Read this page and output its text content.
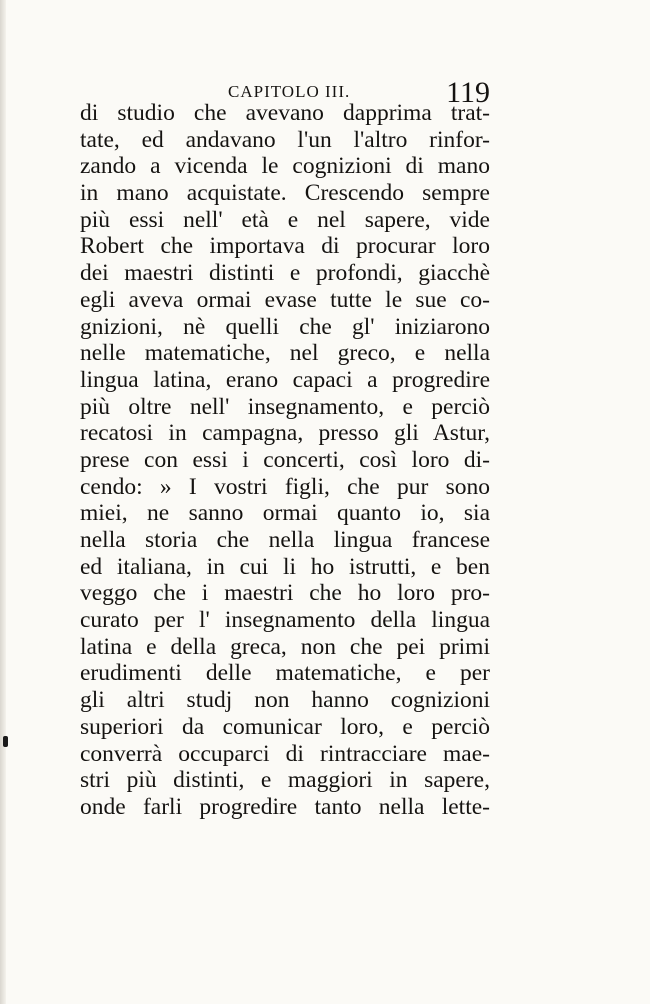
CAPITOLO III.	119
di studio che avevano dapprima trat-
tate, ed andavano l'un l'altro rinfor-
zando a vicenda le cognizioni di mano
in mano acquistate. Crescendo sempre
più essi nell' età e nel sapere, vide
Robert che importava di procurar loro
dei maestri distinti e profondi, giacchè
egli aveva ormai evase tutte le sue co-
gnizioni, nè quelli che gl' iniziarono
nelle matematiche, nel greco, e nella
lingua latina, erano capaci a progredire
più oltre nell' insegnamento, e perciò
recatosi in campagna, presso gli Astur,
prese con essi i concerti, così loro di-
cendo: » I vostri figli, che pur sono
miei, ne sanno ormai quanto io, sia
nella storia che nella lingua francese
ed italiana, in cui li ho istrutti, e ben
veggo che i maestri che ho loro pro-
curato per l' insegnamento della lingua
latina e della greca, non che pei primi
erudimenti delle matematiche, e per
gli altri studj non hanno cognizioni
superiori da comunicar loro, e perciò
converrà occuparci di rintracciare mae-
stri più distinti, e maggiori in sapere,
onde farli progredire tanto nella lette-
